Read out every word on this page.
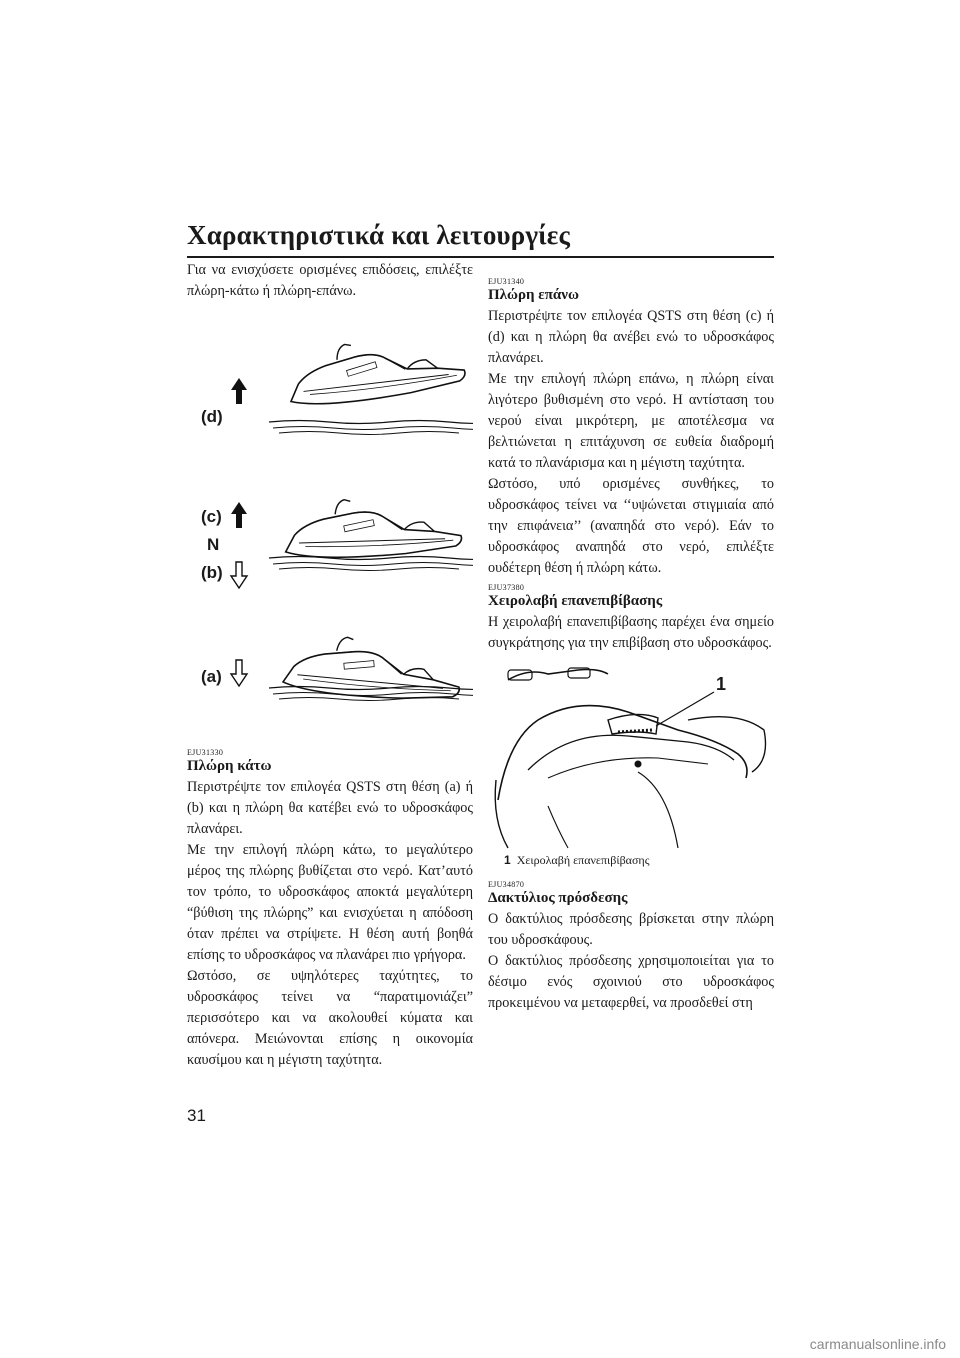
Χαρακτηριστικά και λειτουργίες

Για να ενισχύσετε ορισμένες επιδόσεις, επιλέξτε πλώρη-κάτω ή πλώρη-επάνω.

(d)
(c)
N
(b)
(a)
EJU31330
Πλώρη κάτω

Περιστρέψτε τον επιλογέα QSTS στη θέση (a) ή (b) και η πλώρη θα κατέβει ενώ το υδροσκάφος πλανάρει.

Με την επιλογή πλώρη κάτω, το μεγαλύτερο μέρος της πλώρης βυθίζεται στο νερό. Κατ’αυτό τον τρόπο, το υδροσκάφος αποκτά μεγαλύτερη “βύθιση της πλώρης” και ενισχύεται η απόδοση όταν πρέπει να στρίψετε. Η θέση αυτή βοηθά επίσης το υδροσκάφος να πλανάρει πιο γρήγορα.

Ωστόσο, σε υψηλότερες ταχύτητες, το υδροσκάφος τείνει να “παρατιμονιάζει” περισσότερο και να ακολουθεί κύματα και απόνερα. Μειώνονται επίσης η οικονομία καυσίμου και η μέγιστη ταχύτητα.

EJU31340
Πλώρη επάνω

Περιστρέψτε τον επιλογέα QSTS στη θέση (c) ή (d) και η πλώρη θα ανέβει ενώ το υδροσκάφος πλανάρει.

Με την επιλογή πλώρη επάνω, η πλώρη είναι λιγότερο βυθισμένη στο νερό. Η αντίσταση του νερού είναι μικρότερη, με αποτέλεσμα να βελτιώνεται η επιτάχυνση σε ευθεία διαδρομή κατά το πλανάρισμα και η μέγιστη ταχύτητα.

Ωστόσο, υπό ορισμένες συνθήκες, το υδροσκάφος τείνει να ‘‘υψώνεται στιγμιαία από την επιφάνεια’’ (αναπηδά στο νερό). Εάν το υδροσκάφος αναπηδά στο νερό, επιλέξτε ουδέτερη θέση ή πλώρη κάτω.

EJU37380
Χειρολαβή επανεπιβίβασης

Η χειρολαβή επανεπιβίβασης παρέχει ένα σημείο συγκράτησης για την επιβίβαση στο υδροσκάφος.

1
1 Χειρολαβή επανεπιβίβασης
EJU34870
Δακτύλιος πρόσδεσης

Ο δακτύλιος πρόσδεσης βρίσκεται στην πλώρη του υδροσκάφους.

Ο δακτύλιος πρόσδεσης χρησιμοποιείται για το δέσιμο ενός σχοινιού στο υδροσκάφος προκειμένου να μεταφερθεί, να προσδεθεί στη

31
carmanualsonline.info
